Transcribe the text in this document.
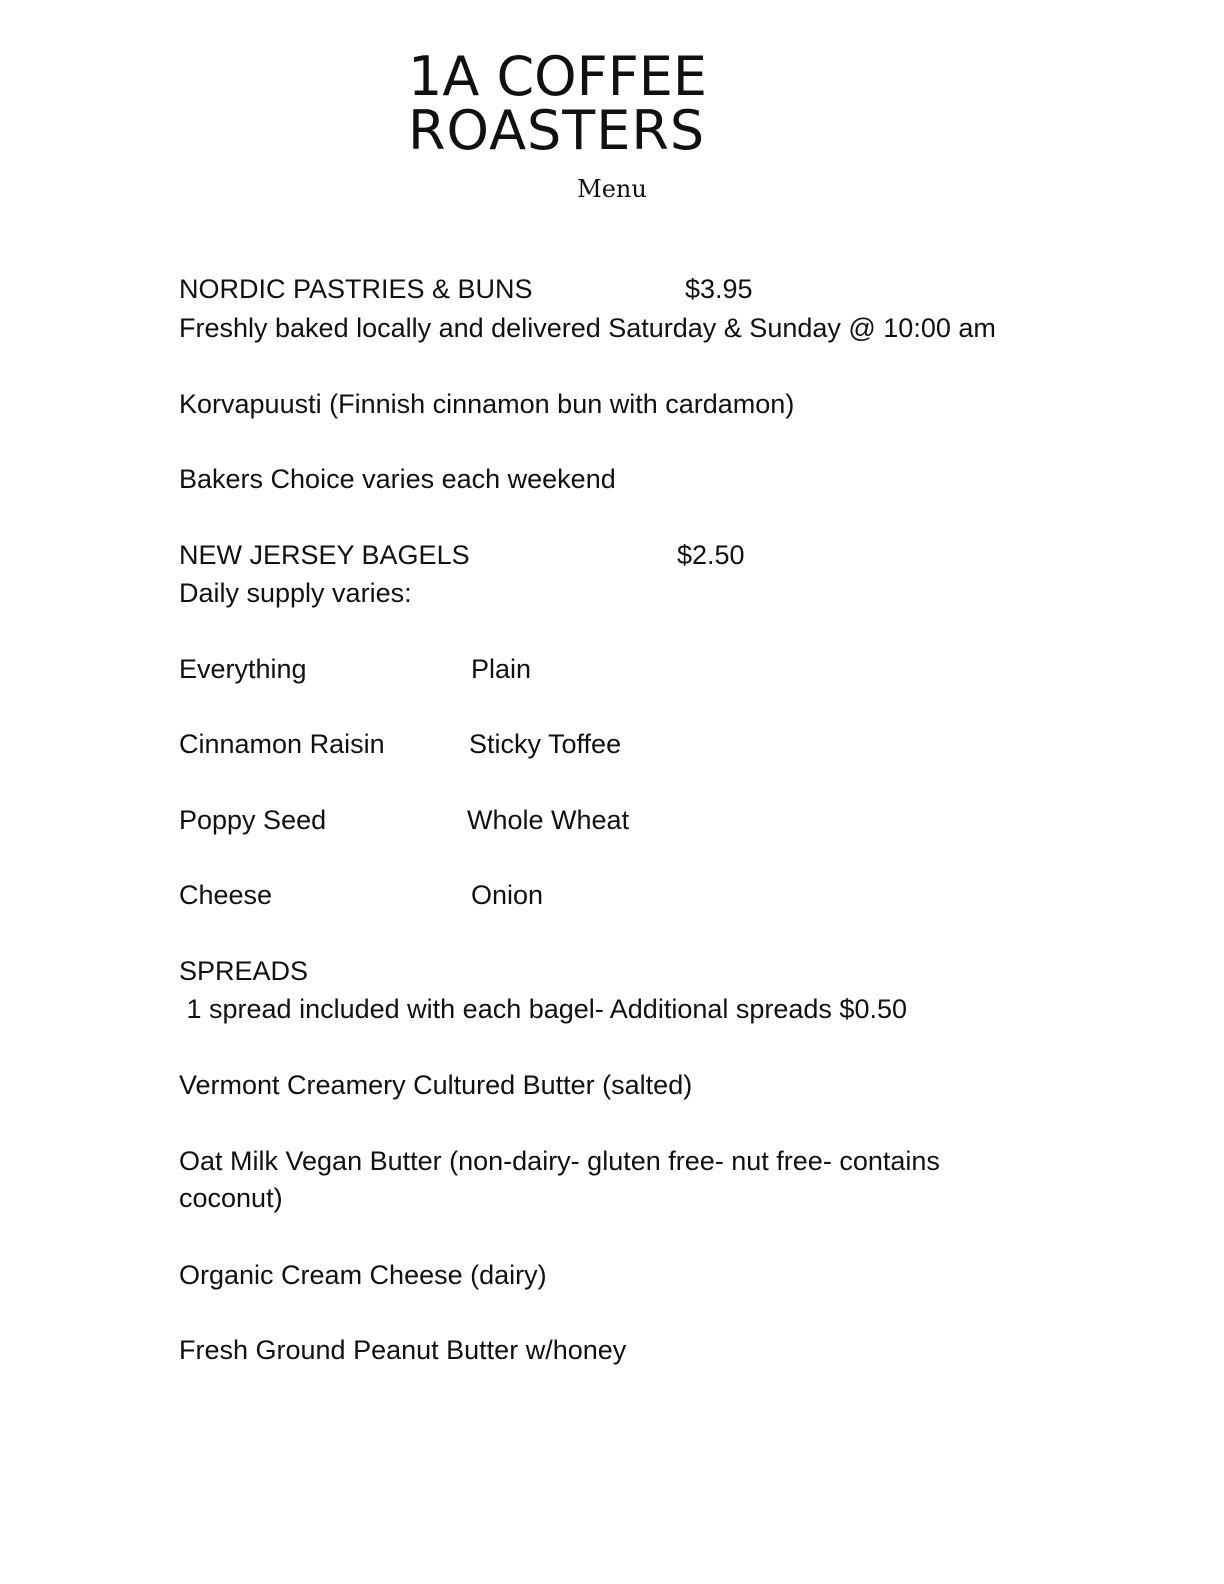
1A COFFEE
ROASTERS
Menu
NORDIC PASTRIES & BUNS	$3.95
Freshly baked locally and delivered Saturday & Sunday @ 10:00 am
Korvapuusti (Finnish cinnamon bun with cardamon)
Bakers Choice varies each weekend
NEW JERSEY BAGELS	$2.50
Daily supply varies:
Everything	Plain
Cinnamon Raisin	Sticky Toffee
Poppy Seed	Whole Wheat
Cheese	Onion
SPREADS
1 spread included with each bagel- Additional spreads $0.50
Vermont Creamery Cultured Butter (salted)
Oat Milk Vegan Butter (non-dairy- gluten free- nut free- contains
coconut)
Organic Cream Cheese (dairy)
Fresh Ground Peanut Butter w/honey
